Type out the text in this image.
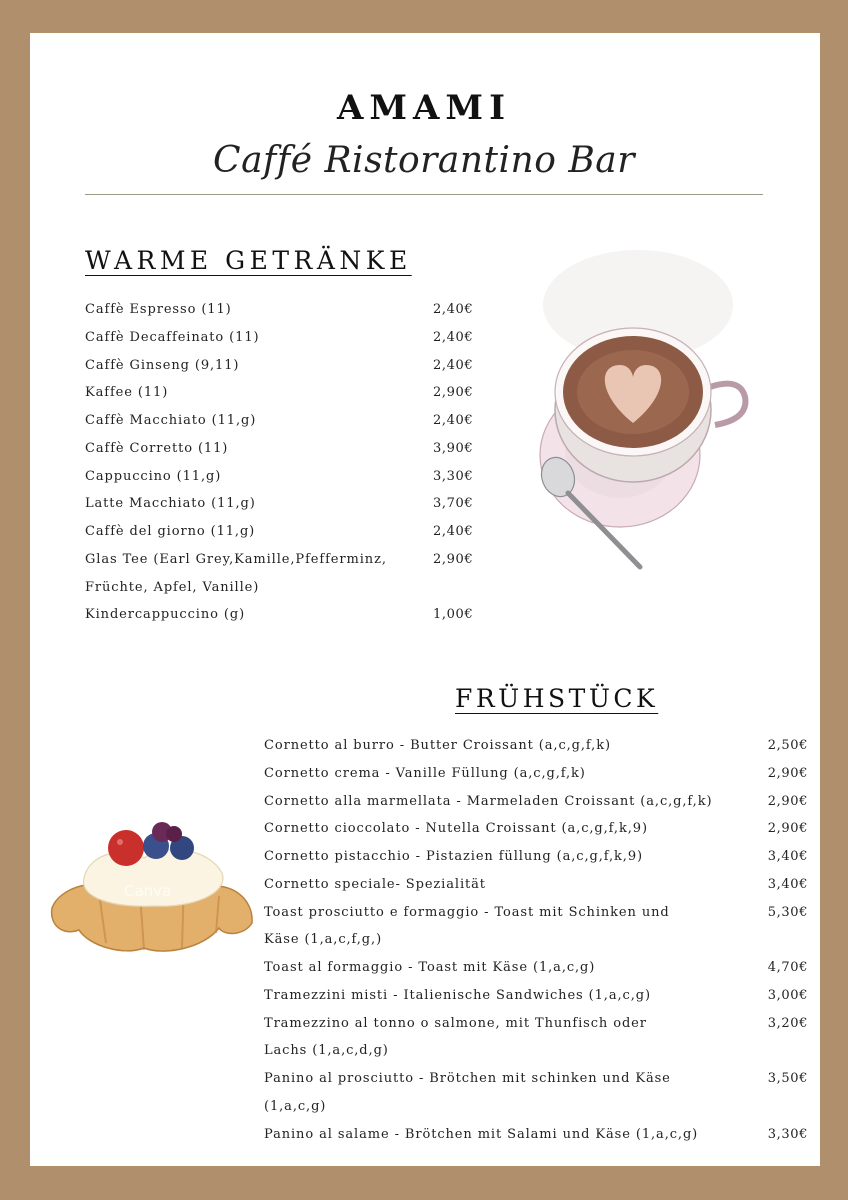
AMAMI
Caffé Ristorantino Bar
WARME GETRÄNKE
Caffè Espresso (11)	2,40€
Caffè Decaffeinato (11)	2,40€
Caffè Ginseng (9,11)	2,40€
Kaffee (11)	2,90€
Caffè Macchiato (11,g)	2,40€
Caffè Corretto (11)	3,90€
Cappuccino (11,g)	3,30€
Latte Macchiato (11,g)	3,70€
Caffè del giorno (11,g)	2,40€
Glas Tee (Earl Grey,Kamille,Pfefferminz,	2,90€
Früchte, Apfel, Vanille)
Kindercappuccino (g)	1,00€
FRÜHSTÜCK
Cornetto al burro - Butter Croissant (a,c,g,f,k)	2,50€
Cornetto crema - Vanille Füllung (a,c,g,f,k)	2,90€
Cornetto alla marmellata - Marmeladen Croissant (a,c,g,f,k)	2,90€
Cornetto cioccolato - Nutella Croissant (a,c,g,f,k,9)	2,90€
Cornetto pistacchio - Pistazien füllung (a,c,g,f,k,9)	3,40€
Cornetto speciale- Spezialität	3,40€
Toast prosciutto e formaggio - Toast mit Schinken und	5,30€
Käse (1,a,c,f,g,)
Toast al formaggio - Toast mit Käse (1,a,c,g)	4,70€
Tramezzini misti - Italienische Sandwiches (1,a,c,g)	3,00€
Tramezzino al tonno o salmone, mit Thunfisch oder	3,20€
Lachs (1,a,c,d,g)
Panino al prosciutto - Brötchen mit schinken und Käse	3,50€
(1,a,c,g)
Panino al salame - Brötchen mit Salami und Käse (1,a,c,g)	3,30€
Canva
